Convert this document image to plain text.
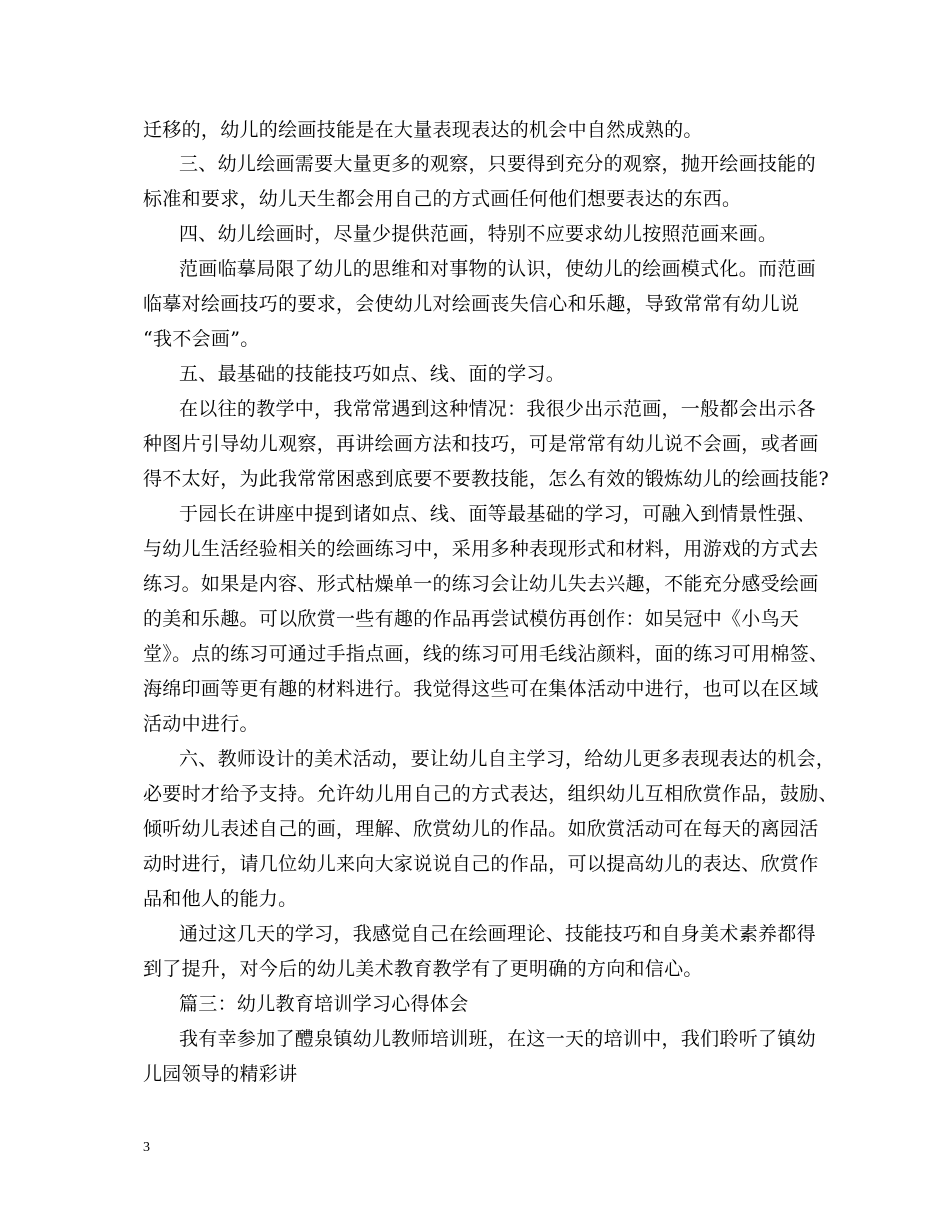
迁移的，幼儿的绘画技能是在大量表现表达的机会中自然成熟的。
三、幼儿绘画需要大量更多的观察，只要得到充分的观察，抛开绘画技能的
标准和要求，幼儿天生都会用自己的方式画任何他们想要表达的东西。
四、幼儿绘画时，尽量少提供范画，特别不应要求幼儿按照范画来画。
范画临摹局限了幼儿的思维和对事物的认识，使幼儿的绘画模式化。而范画
临摹对绘画技巧的要求，会使幼儿对绘画丧失信心和乐趣，导致常常有幼儿说
“我不会画”。
五、最基础的技能技巧如点、线、面的学习。
在以往的教学中，我常常遇到这种情况：我很少出示范画，一般都会出示各
种图片引导幼儿观察，再讲绘画方法和技巧，可是常常有幼儿说不会画，或者画
得不太好，为此我常常困惑到底要不要教技能，怎么有效的锻炼幼儿的绘画技能?
于园长在讲座中提到诸如点、线、面等最基础的学习，可融入到情景性强、
与幼儿生活经验相关的绘画练习中，采用多种表现形式和材料，用游戏的方式去
练习。如果是内容、形式枯燥单一的练习会让幼儿失去兴趣，不能充分感受绘画
的美和乐趣。可以欣赏一些有趣的作品再尝试模仿再创作：如吴冠中《小鸟天
堂》。点的练习可通过手指点画，线的练习可用毛线沾颜料，面的练习可用棉签、
海绵印画等更有趣的材料进行。我觉得这些可在集体活动中进行，也可以在区域
活动中进行。
六、教师设计的美术活动，要让幼儿自主学习，给幼儿更多表现表达的机会，
必要时才给予支持。允许幼儿用自己的方式表达，组织幼儿互相欣赏作品，鼓励、
倾听幼儿表述自己的画，理解、欣赏幼儿的作品。如欣赏活动可在每天的离园活
动时进行，请几位幼儿来向大家说说自己的作品，可以提高幼儿的表达、欣赏作
品和他人的能力。
通过这几天的学习，我感觉自己在绘画理论、技能技巧和自身美术素养都得
到了提升，对今后的幼儿美术教育教学有了更明确的方向和信心。
篇三：幼儿教育培训学习心得体会
我有幸参加了醴泉镇幼儿教师培训班，在这一天的培训中，我们聆听了镇幼
儿园领导的精彩讲
3
